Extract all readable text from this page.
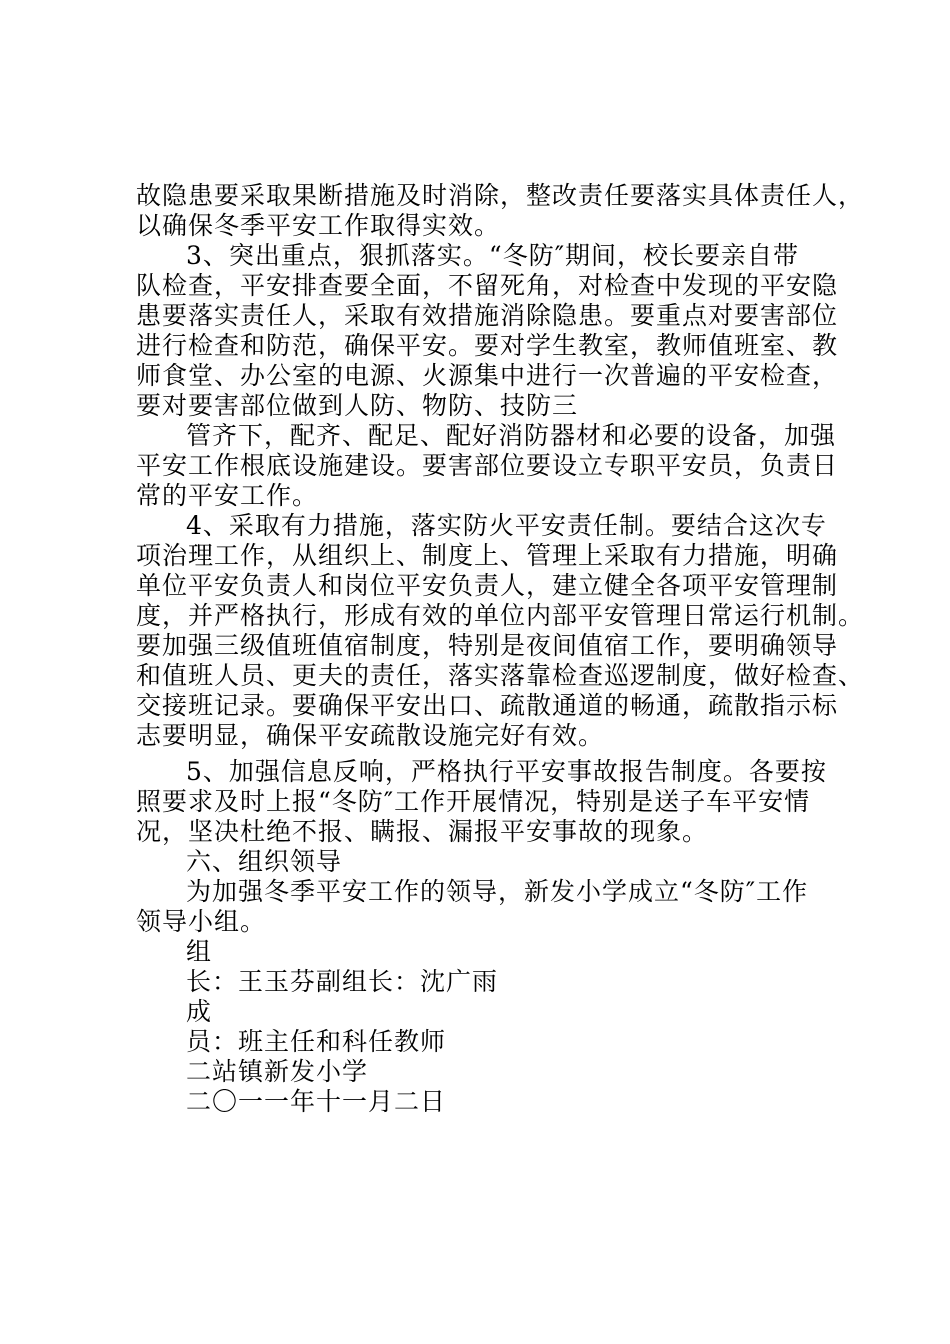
故隐患要采取果断措施及时消除，整改责任要落实具体责任人，
以确保冬季平安工作取得实效。
3、突出重点，狠抓落实。“冬防″期间，校长要亲自带
队检查，平安排查要全面，不留死角，对检查中发现的平安隐
患要落实责任人，采取有效措施消除隐患。要重点对要害部位
进行检查和防范，确保平安。要对学生教室，教师值班室、教
师食堂、办公室的电源、火源集中进行一次普遍的平安检查，
要对要害部位做到人防、物防、技防三
管齐下，配齐、配足、配好消防器材和必要的设备，加强
平安工作根底设施建设。要害部位要设立专职平安员，负责日
常的平安工作。
4、采取有力措施，落实防火平安责任制。要结合这次专
项治理工作，从组织上、制度上、管理上采取有力措施，明确
单位平安负责人和岗位平安负责人，建立健全各项平安管理制
度，并严格执行，形成有效的单位内部平安管理日常运行机制。
要加强三级值班值宿制度，特别是夜间值宿工作，要明确领导
和值班人员、更夫的责任，落实落靠检查巡逻制度，做好检查、
交接班记录。要确保平安出口、疏散通道的畅通，疏散指示标
志要明显，确保平安疏散设施完好有效。
5、加强信息反响，严格执行平安事故报告制度。各要按
照要求及时上报“冬防″工作开展情况，特别是送子车平安情
况，坚决杜绝不报、瞒报、漏报平安事故的现象。
六、组织领导
为加强冬季平安工作的领导，新发小学成立“冬防″工作
领导小组。
组
长：王玉芬副组长：沈广雨
成
员：班主任和科任教师
二站镇新发小学
二〇一一年十一月二日
